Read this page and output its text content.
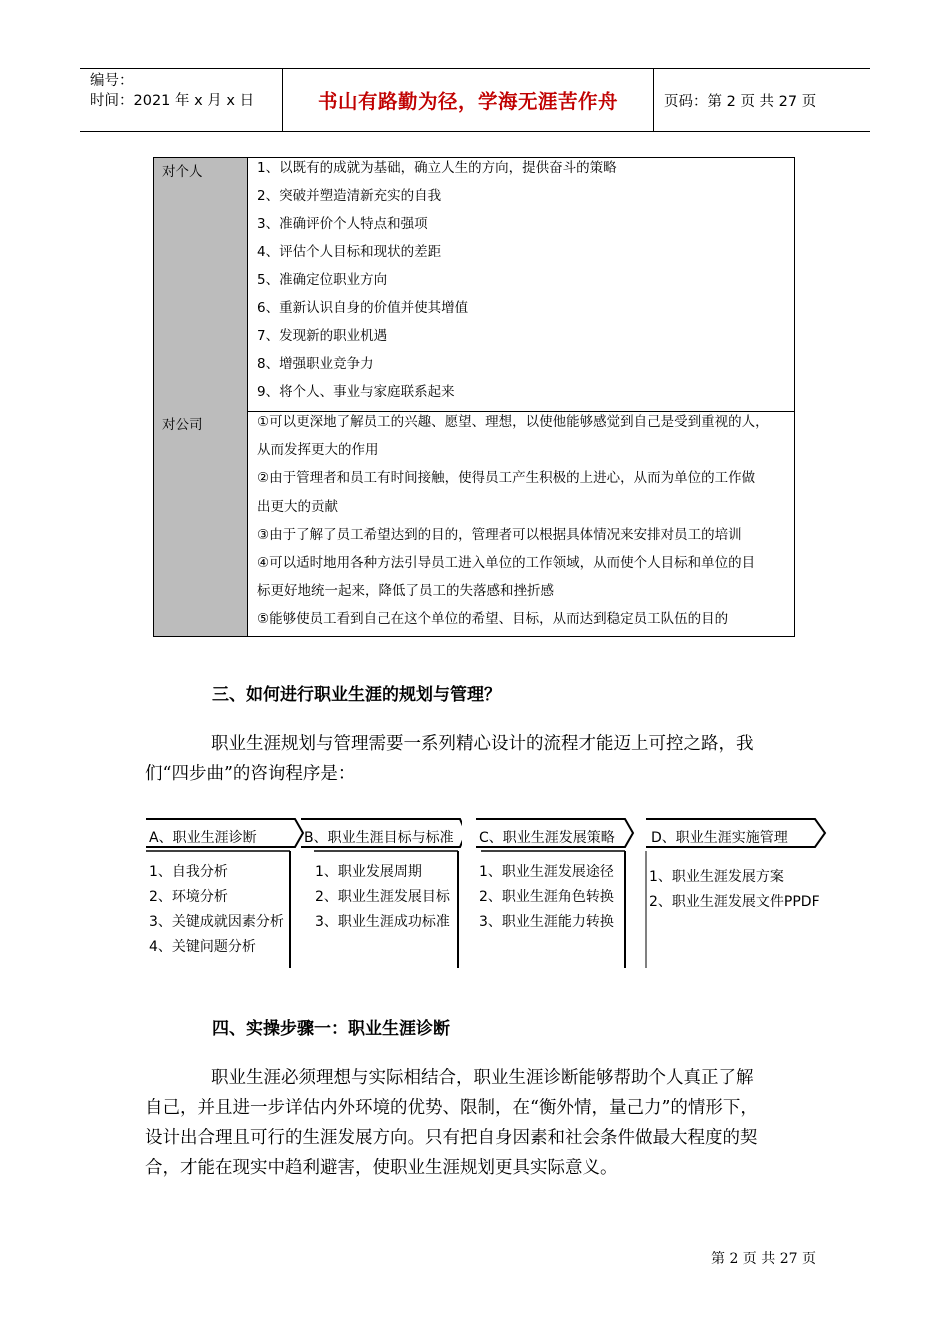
编号：
时间：2021 年 x 月 x 日	书山有路勤为径，学海无涯苦作舟	页码：第 2 页 共 27 页
对个人	1、以既有的成就为基础，确立人生的方向，提供奋斗的策略
2、突破并塑造清新充实的自我
3、准确评价个人特点和强项
4、评估个人目标和现状的差距
5、准确定位职业方向
6、重新认识自身的价值并使其增值
7、发现新的职业机遇
8、增强职业竞争力
9、将个人、事业与家庭联系起来
对公司	①可以更深地了解员工的兴趣、愿望、理想，以使他能够感觉到自己是受到重视的人，
从而发挥更大的作用
②由于管理者和员工有时间接触，使得员工产生积极的上进心，从而为单位的工作做
出更大的贡献
③由于了解了员工希望达到的目的，管理者可以根据具体情况来安排对员工的培训
④可以适时地用各种方法引导员工进入单位的工作领域，从而使个人目标和单位的目
标更好地统一起来，降低了员工的失落感和挫折感
⑤能够使员工看到自己在这个单位的希望、目标，从而达到稳定员工队伍的目的
三、如何进行职业生涯的规划与管理？
职业生涯规划与管理需要一系列精心设计的流程才能迈上可控之路，我
们“四步曲”的咨询程序是：
A、职业生涯诊断
1、自我分析
2、环境分析
3、关键成就因素分析
4、关键问题分析
B、职业生涯目标与标准
1、职业发展周期
2、职业生涯发展目标
3、职业生涯成功标准
C、职业生涯发展策略
1、职业生涯发展途径
2、职业生涯角色转换
3、职业生涯能力转换
D、职业生涯实施管理
1、职业生涯发展方案
2、职业生涯发展文件PPDF
四、实操步骤一：职业生涯诊断
职业生涯必须理想与实际相结合，职业生涯诊断能够帮助个人真正了解
自己，并且进一步详估内外环境的优势、限制，在“衡外情，量己力”的情形下，
设计出合理且可行的生涯发展方向。只有把自身因素和社会条件做最大程度的契
合，才能在现实中趋利避害，使职业生涯规划更具实际意义。
第 2 页 共 27 页
